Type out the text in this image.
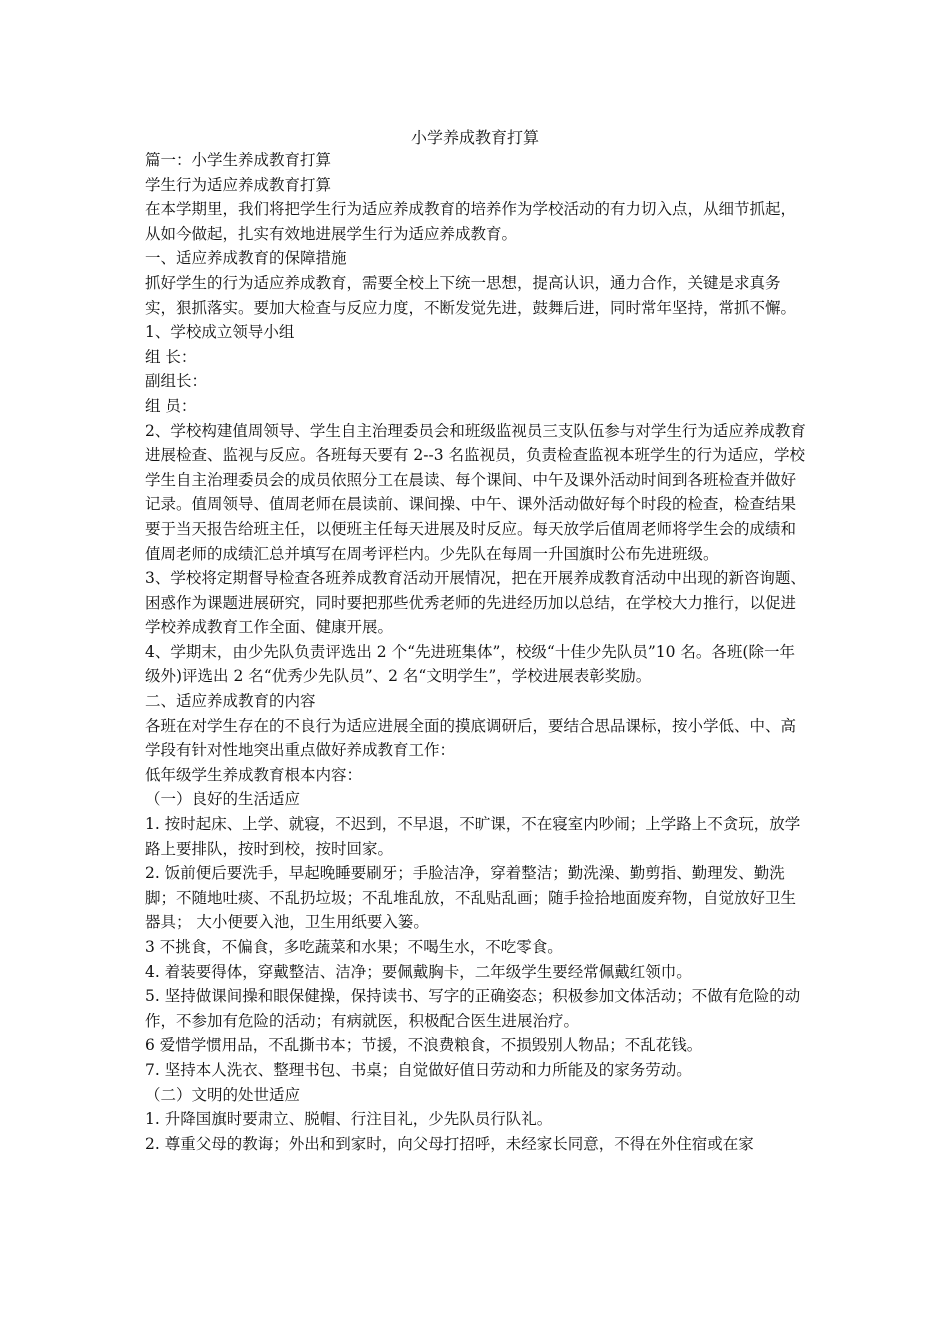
小学养成教育打算

篇一：小学生养成教育打算

学生行为适应养成教育打算

在本学期里，我们将把学生行为适应养成教育的培养作为学校活动的有力切入点，从细节抓起，从如今做起，扎实有效地进展学生行为适应养成教育。

一、适应养成教育的保障措施

抓好学生的行为适应养成教育，需要全校上下统一思想，提高认识，通力合作，关键是求真务实，狠抓落实。要加大检查与反应力度，不断发觉先进，鼓舞后进，同时常年坚持，常抓不懈。

1、学校成立领导小组

组 长：

副组长：

组 员：

2、学校构建值周领导、学生自主治理委员会和班级监视员三支队伍参与对学生行为适应养成教育进展检查、监视与反应。各班每天要有 2--3 名监视员，负责检查监视本班学生的行为适应，学校学生自主治理委员会的成员依照分工在晨读、每个课间、中午及课外活动时间到各班检查并做好记录。值周领导、值周老师在晨读前、课间操、中午、课外活动做好每个时段的检查，检查结果要于当天报告给班主任，以便班主任每天进展及时反应。每天放学后值周老师将学生会的成绩和值周老师的成绩汇总并填写在周考评栏内。少先队在每周一升国旗时公布先进班级。

3、学校将定期督导检查各班养成教育活动开展情况，把在开展养成教育活动中出现的新咨询题、困惑作为课题进展研究，同时要把那些优秀老师的先进经历加以总结，在学校大力推行，以促进学校养成教育工作全面、健康开展。

4、学期末，由少先队负责评选出 2 个“先进班集体”，校级“十佳少先队员”10 名。各班(除一年级外)评选出 2 名“优秀少先队员”、2 名“文明学生”，学校进展表彰奖励。

二、适应养成教育的内容

各班在对学生存在的不良行为适应进展全面的摸底调研后，要结合思品课标，按小学低、中、高学段有针对性地突出重点做好养成教育工作：

低年级学生养成教育根本内容：

（一）良好的生活适应

1. 按时起床、上学、就寝，不迟到，不早退，不旷课，不在寝室内吵闹；上学路上不贪玩，放学路上要排队，按时到校，按时回家。

2. 饭前便后要洗手，早起晚睡要刷牙；手脸洁净，穿着整洁；勤洗澡、勤剪指、勤理发、勤洗脚；不随地吐痰、不乱扔垃圾；不乱堆乱放，不乱贴乱画；随手捡拾地面废弃物，自觉放好卫生器具； 大小便要入池，卫生用纸要入篓。

3 不挑食，不偏食，多吃蔬菜和水果；不喝生水，不吃零食。

4. 着装要得体，穿戴整洁、洁净；要佩戴胸卡，二年级学生要经常佩戴红领巾。

5. 坚持做课间操和眼保健操，保持读书、写字的正确姿态；积极参加文体活动；不做有危险的动作，不参加有危险的活动；有病就医，积极配合医生进展治疗。

6 爱惜学惯用品，不乱撕书本；节援，不浪费粮食，不损毁别人物品；不乱花钱。

7. 坚持本人洗衣、整理书包、书桌；自觉做好值日劳动和力所能及的家务劳动。

（二）文明的处世适应

1. 升降国旗时要肃立、脱帽、行注目礼，少先队员行队礼。

2. 尊重父母的教诲；外出和到家时，向父母打招呼，未经家长同意，不得在外住宿或在家
